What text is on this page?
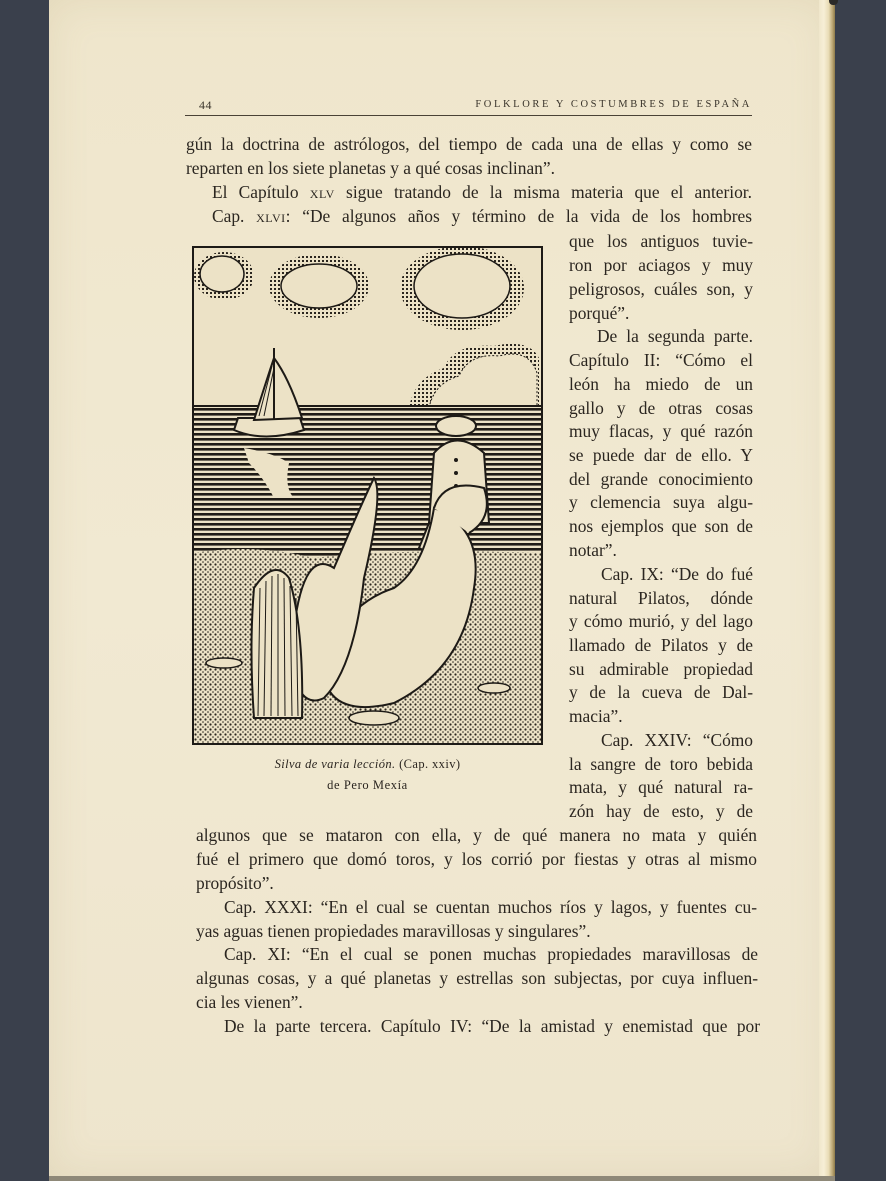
44	FOLKLORE Y COSTUMBRES DE ESPAÑA
gún la doctrina de astrólogos, del tiempo de cada una de ellas y como se
reparten en los siete planetas y a qué cosas inclinan”.
El Capítulo xlv sigue tratando de la misma materia que el anterior.
Cap. xlvi: “De algunos años y término de la vida de los hombres
Silva de varia lección. (Cap. xxiv)
de Pero Mexía
que los antiguos tuvie-
ron por aciagos y muy
peligrosos, cuáles son, y
porqué”.
De la segunda parte.
Capítulo II: “Cómo el
león ha miedo de un
gallo y de otras cosas
muy flacas, y qué razón
se puede dar de ello. Y
del grande conocimiento
y clemencia suya algu-
nos ejemplos que son de
notar”.
Cap. IX: “De do fué
natural Pilatos, dónde
y cómo murió, y del lago
llamado de Pilatos y de
su admirable propiedad
y de la cueva de Dal-
macia”.
Cap. XXIV: “Cómo
la sangre de toro bebida
mata, y qué natural ra-
zón hay de esto, y de
algunos que se mataron con ella, y de qué manera no mata y quién
fué el primero que domó toros, y los corrió por fiestas y otras al mismo
propósito”.
Cap. XXXI: “En el cual se cuentan muchos ríos y lagos, y fuentes cu-
yas aguas tienen propiedades maravillosas y singulares”.
Cap. XI: “En el cual se ponen muchas propiedades maravillosas de
algunas cosas, y a qué planetas y estrellas son subjectas, por cuya influen-
cia les vienen”.
De la parte tercera. Capítulo IV: “De la amistad y enemistad que por
